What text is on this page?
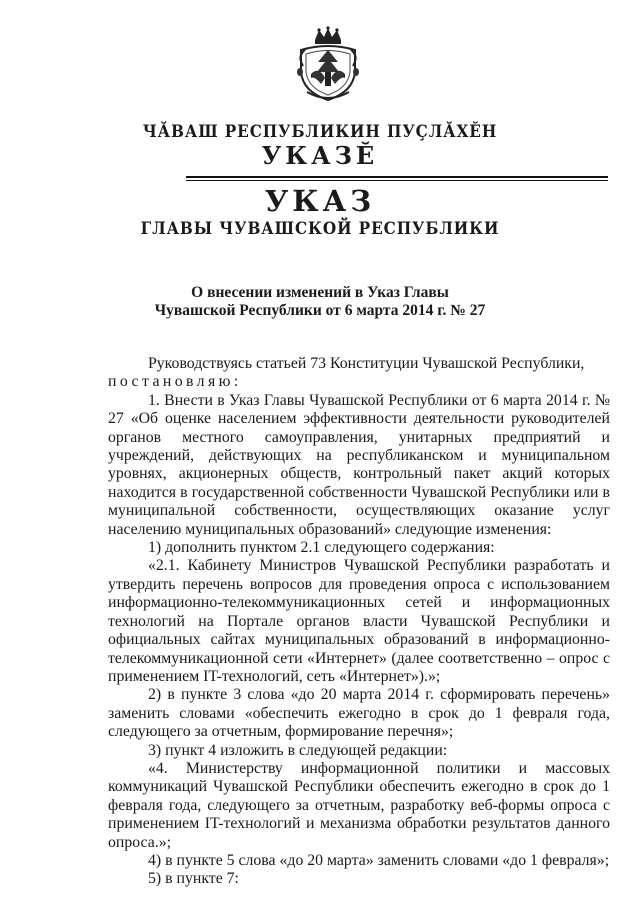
ЧӐВАШ РЕСПУБЛИКИН ПУҪЛӐХӖН
УКАЗӖ
УКАЗ
ГЛАВЫ ЧУВАШСКОЙ РЕСПУБЛИКИ
О внесении изменений в Указ Главы
Чувашской Республики от 6 марта 2014 г. № 27

Руководствуясь статьей 73 Конституции Чувашской Республики,

постановляю:

1. Внести в Указ Главы Чувашской Республики от 6 марта 2014 г. № 27 «Об оценке населением эффективности деятельности руководителей органов местного самоуправления, унитарных предприятий и учреждений, действующих на республиканском и муниципальном уровнях, акционерных обществ, контрольный пакет акций которых находится в государственной собственности Чувашской Республики или в муниципальной собственности, осуществляющих оказание услуг населению муниципальных образований» следующие изменения:

1) дополнить пунктом 2.1 следующего содержания:

«2.1. Кабинету Министров Чувашской Республики разработать и утвердить перечень вопросов для проведения опроса с использованием информационно-телекоммуникационных сетей и информационных технологий на Портале органов власти Чувашской Республики и официальных сайтах муниципальных образований в информационно-телекоммуникационной сети «Интернет» (далее соответственно – опрос с применением IT-технологий, сеть «Интернет»).»;

2) в пункте 3 слова «до 20 марта 2014 г. сформировать перечень» заменить словами «обеспечить ежегодно в срок до 1 февраля года, следующего за отчетным, формирование перечня»;

3) пункт 4 изложить в следующей редакции:

«4. Министерству информационной политики и массовых коммуникаций Чувашской Республики обеспечить ежегодно в срок до 1 февраля года, следующего за отчетным, разработку веб-формы опроса с применением IT-технологий и механизма обработки результатов данного опроса.»;

4) в пункте 5 слова «до 20 марта» заменить словами «до 1 февраля»;

5) в пункте 7:
